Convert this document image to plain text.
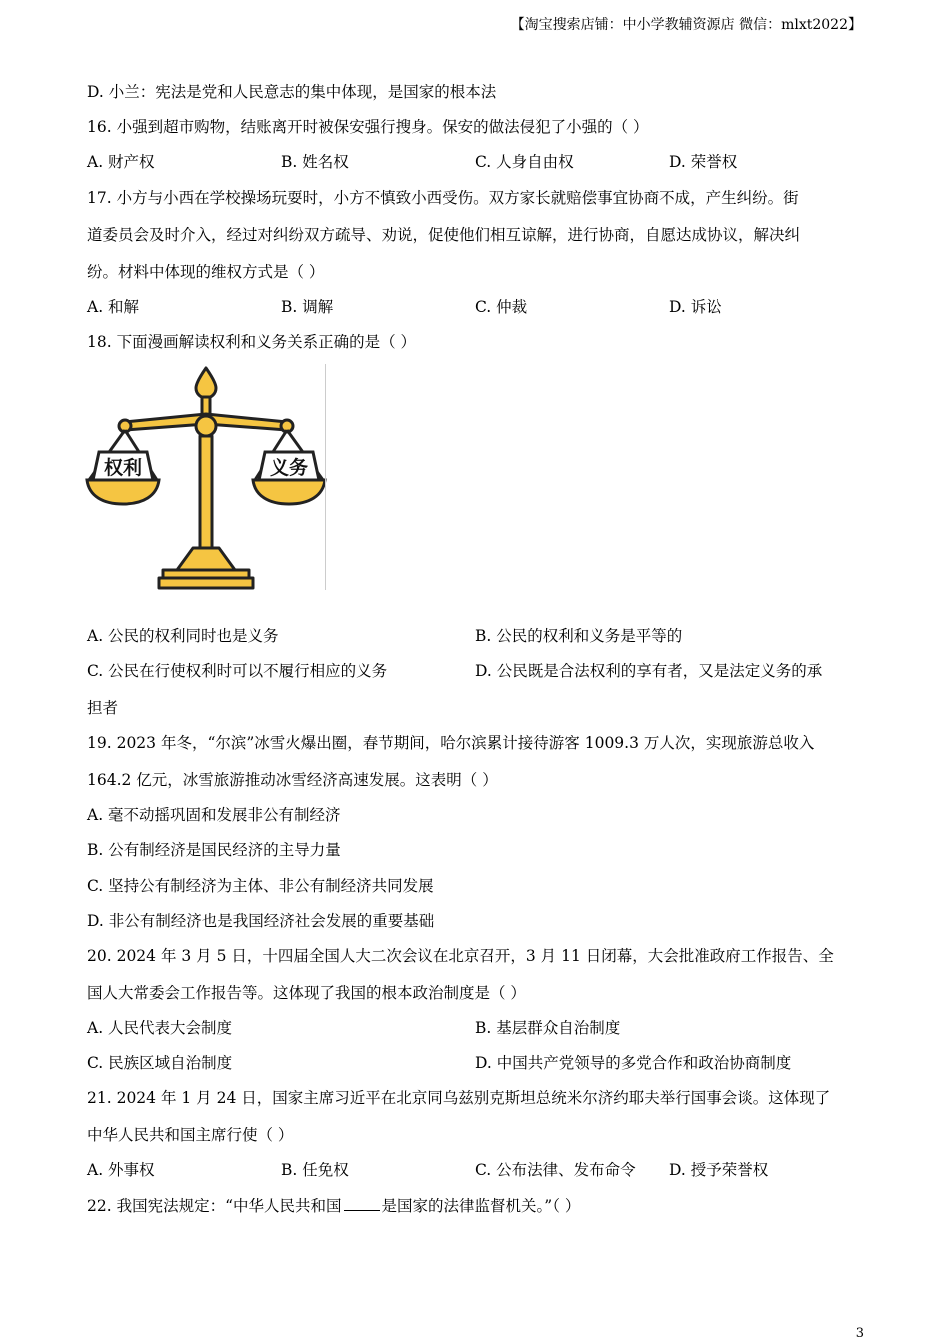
【淘宝搜索店铺：中小学教辅资源店 微信：mlxt2022】
D. 小兰：宪法是党和人民意志的集中体现，是国家的根本法
16. 小强到超市购物，结账离开时被保安强行搜身。保安的做法侵犯了小强的（ ）
A. 财产权	B. 姓名权	C. 人身自由权	D. 荣誉权
17. 小方与小西在学校操场玩耍时，小方不慎致小西受伤。双方家长就赔偿事宜协商不成，产生纠纷。街
道委员会及时介入，经过对纠纷双方疏导、劝说，促使他们相互谅解，进行协商，自愿达成协议，解决纠
纷。材料中体现的维权方式是（ ）
A. 和解	B. 调解	C. 仲裁	D. 诉讼
18. 下面漫画解读权利和义务关系正确的是（ ）
权利	义务
A. 公民的权利同时也是义务	B. 公民的权利和义务是平等的
C. 公民在行使权利时可以不履行相应的义务	D. 公民既是合法权利的享有者，又是法定义务的承
担者
19. 2023 年冬，“尔滨”冰雪火爆出圈，春节期间，哈尔滨累计接待游客 1009.3 万人次，实现旅游总收入
164.2 亿元，冰雪旅游推动冰雪经济高速发展。这表明（ ）
A. 毫不动摇巩固和发展非公有制经济
B. 公有制经济是国民经济的主导力量
C. 坚持公有制经济为主体、非公有制经济共同发展
D. 非公有制经济也是我国经济社会发展的重要基础
20. 2024 年 3 月 5 日，十四届全国人大二次会议在北京召开，3 月 11 日闭幕，大会批准政府工作报告、全
国人大常委会工作报告等。这体现了我国的根本政治制度是（ ）
A. 人民代表大会制度	B. 基层群众自治制度
C. 民族区域自治制度	D. 中国共产党领导的多党合作和政治协商制度
21. 2024 年 1 月 24 日，国家主席习近平在北京同乌兹别克斯坦总统米尔济约耶夫举行国事会谈。这体现了
中华人民共和国主席行使（ ）
A. 外事权	B. 任免权	C. 公布法律、发布命令 D. 授予荣誉权
22. 我国宪法规定：“中华人民共和国	是国家的法律监督机关。”（ ）
3
